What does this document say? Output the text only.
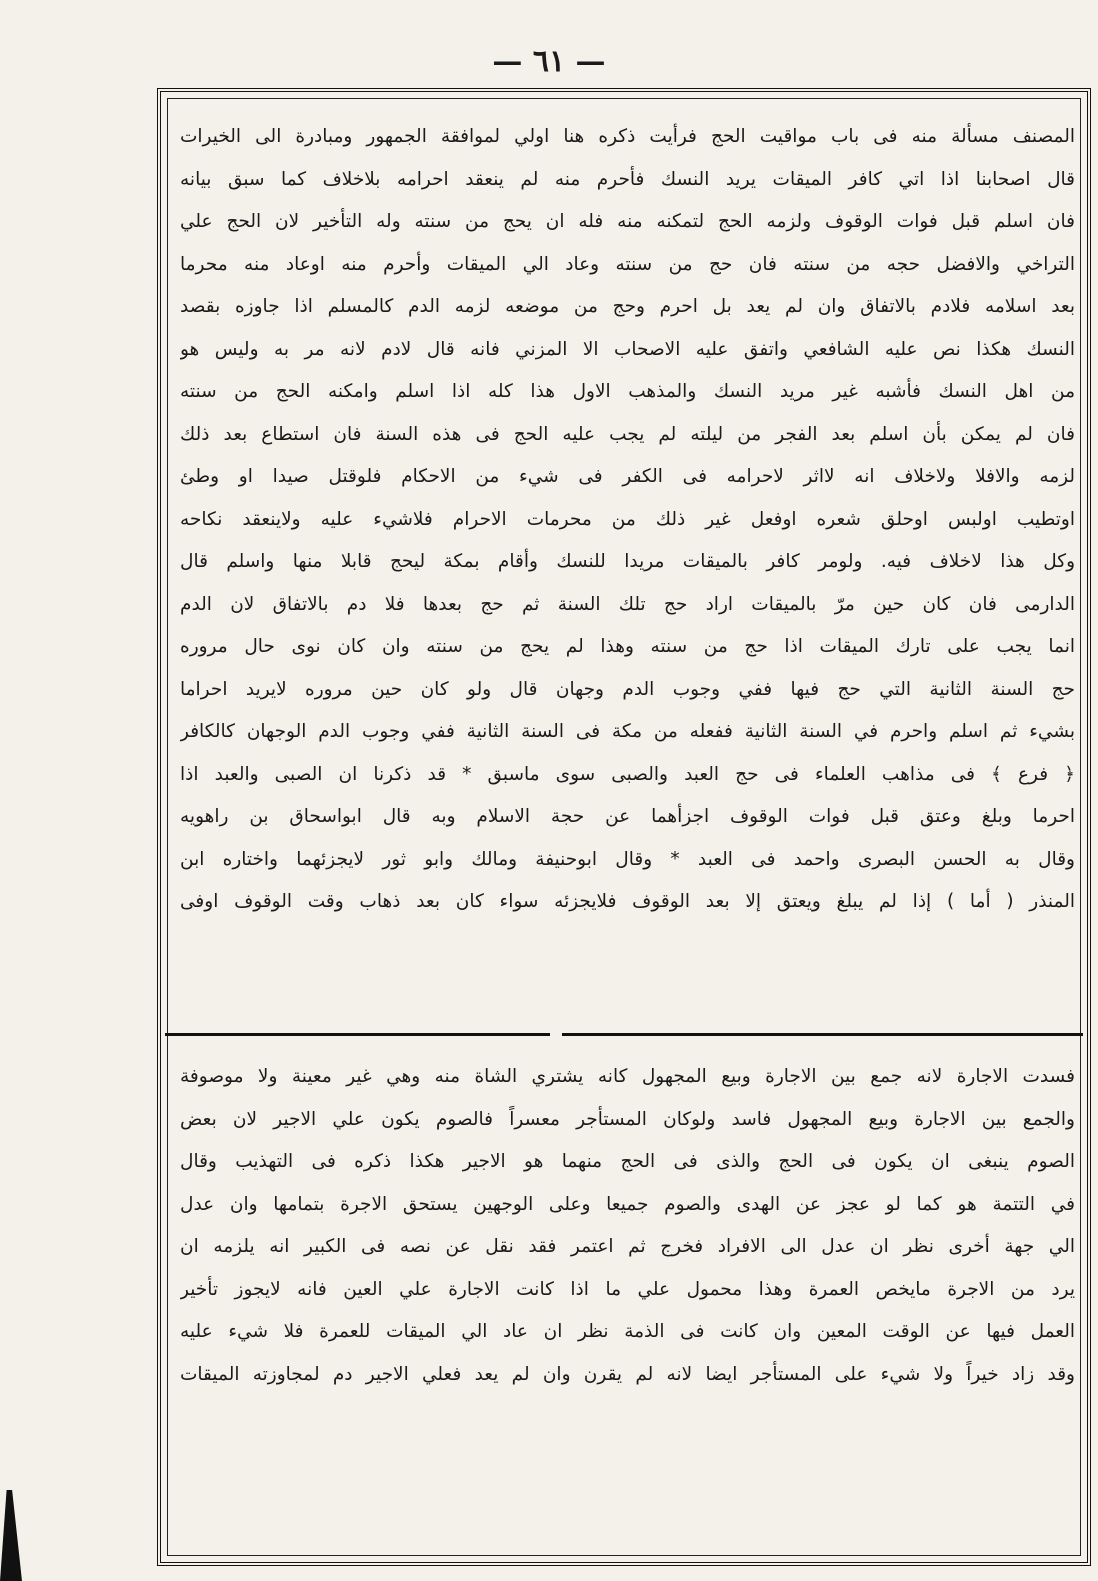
— ٦١ —
المصنف مسألة منه فى باب مواقيت الحج فرأيت ذكره هنا اولي لموافقة الجمهور ومبادرة الى الخيرات
قال اصحابنا اذا اتي كافر الميقات يريد النسك فأحرم منه لم ينعقد احرامه بلاخلاف كما سبق بيانه
فان اسلم قبل فوات الوقوف ولزمه الحج لتمكنه منه فله ان يحج من سنته وله التأخير لان الحج علي
التراخي والافضل حجه من سنته فان حج من سنته وعاد الي الميقات وأحرم منه اوعاد منه محرما
بعد اسلامه فلادم بالاتفاق وان لم يعد بل احرم وحج من موضعه لزمه الدم كالمسلم اذا جاوزه بقصد
النسك هكذا نص عليه الشافعي واتفق عليه الاصحاب الا المزني فانه قال لادم لانه مر به وليس هو
من اهل النسك فأشبه غير مريد النسك والمذهب الاول هذا كله اذا اسلم وامكنه الحج من سنته
فان لم يمكن بأن اسلم بعد الفجر من ليلته لم يجب عليه الحج فى هذه السنة فان استطاع بعد ذلك
لزمه والافلا ولاخلاف انه لااثر لاحرامه فى الكفر فى شيء من الاحكام فلوقتل صيدا او وطئ
اوتطيب اولبس اوحلق شعره اوفعل غير ذلك من محرمات الاحرام فلاشيء عليه ولاينعقد نكاحه
وكل هذا لاخلاف فيه. ولومر كافر بالميقات مريدا للنسك وأقام بمكة ليحج قابلا منها واسلم قال
الدارمى فان كان حين مرّ بالميقات اراد حج تلك السنة ثم حج بعدها فلا دم بالاتفاق لان الدم
انما يجب على تارك الميقات اذا حج من سنته وهذا لم يحج من سنته وان كان نوى حال مروره
حج السنة الثانية التي حج فيها ففي وجوب الدم وجهان قال ولو كان حين مروره لايريد احراما
بشيء ثم اسلم واحرم في السنة الثانية ففعله من مكة فى السنة الثانية ففي وجوب الدم الوجهان كالكافر
﴿ فرع ﴾ فى مذاهب العلماء فى حج العبد والصبى سوى ماسبق * قد ذكرنا ان الصبى والعبد اذا
احرما وبلغ وعتق قبل فوات الوقوف اجزأهما عن حجة الاسلام وبه قال ابواسحاق بن راهويه
وقال به الحسن البصرى واحمد فى العبد * وقال ابوحنيفة ومالك وابو ثور لايجزئهما واختاره ابن
المنذر ( أما ) إذا لم يبلغ ويعتق إلا بعد الوقوف فلايجزئه سواء كان بعد ذهاب وقت الوقوف اوفى
فسدت الاجارة لانه جمع بين الاجارة وبيع المجهول كانه يشتري الشاة منه وهي غير معينة ولا موصوفة
والجمع بين الاجارة وبيع المجهول فاسد ولوكان المستأجر معسراً فالصوم يكون علي الاجير لان بعض
الصوم ينبغى ان يكون فى الحج والذى فى الحج منهما هو الاجير هكذا ذكره فى التهذيب وقال
في التتمة هو كما لو عجز عن الهدى والصوم جميعا وعلى الوجهين يستحق الاجرة بتمامها وان عدل
الي جهة أخرى نظر ان عدل الى الافراد فخرج ثم اعتمر فقد نقل عن نصه فى الكبير انه يلزمه ان
يرد من الاجرة مايخص العمرة وهذا محمول علي ما اذا كانت الاجارة علي العين فانه لايجوز تأخير
العمل فيها عن الوقت المعين وان كانت فى الذمة نظر ان عاد الي الميقات للعمرة فلا شيء عليه
وقد زاد خيراً ولا شيء على المستأجر ايضا لانه لم يقرن وان لم يعد فعلي الاجير دم لمجاوزته الميقات
